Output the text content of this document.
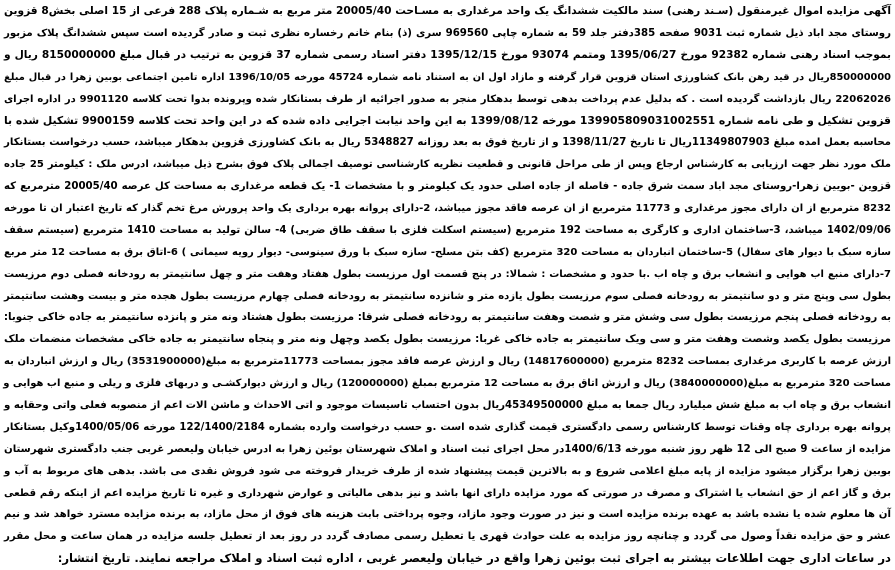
آگهی مزایده اموال غیرمنقول (سـند رهنی) سند مالکیت ششدانگ یک واحد مرغداری به مسـاحت 20005/40 متر مربع به شـماره پلاک 288 فرعی از 15 اصلی بخش8 قزوین
روستای مجد اباد ذیل شماره ثبت 9031 صفحه 385دفتر جلد 59 به شماره چاپی 969560 سری (ذ) بنام خانم رخساره نظری ثبت و صادر گردیده است سپس ششدانگ پلاک مزبور
بموجب اسناد رهنی شماره 92382 مورخ 1395/06/27 ومتمم 93074 مورخ 1395/12/15 دفتر اسناد رسمی شماره 37 قزوین به ترتیب در قبال مبلغ 8150000000 ریال و
850000000ریال در قید رهن بانک کشاورزی استان قزوین قرار گرفته و مازاد اول ان به استناد نامه شماره 45724 مورخه 1396/10/05 اداره تامین اجتماعی بوبین زهرا در قبال مبلغ
22062026 ریال بازداشت گردیده است . که بدلیل عدم پرداخت بدهی توسط بدهکار منجر به صدور اجرائیه از طرف بستانکار شده وپرونده بدوا تحت کلاسه 9901120 در اداره اجرای
قزوین تشکیل و طی نامه شماره 139905809031002551 مورخه 1399/08/12 به این واحد نیابت اجرایی داده شده که در این واحد تحت کلاسه 9900159 تشکیل شده با
محاسبه بعمل امده مبلغ 11349807903ریال تا تاریخ 1398/11/27 و از تاریخ فوق به بعد روزانه 5348827 ریال به بانک کشاورزی قزوین بدهکار میباشد، حسب درخواست بستانکار
ملک مورد نظر جهت ارزیابی به کارشناس ارجاع وپس از طی مراحل قانونی و قطعیت نظریه کارشناسی توصیف اجمالی پلاک فوق بشرح ذیل میباشد، ادرس ملک : کیلومتر 25 جاده
قزوین -بویین زهرا-روستای مجد اباد سمت شرق جاده - فاصله از جاده اصلی حدود یک کیلومتر و با مشخصات 1- یک قطعه مرغداری به مساحت کل عرصه 20005/40 مترمربع که
8232 مترمربع از ان دارای مجوز مرغداری و 11773 مترمربع از ان عرصه فاقد مجوز میباشد، 2-دارای پروانه بهره برداری یک واحد پرورش مرغ تخم گذار که تاریخ اعتبار ان تا مورخه
1402/09/06 میباشد، 3-ساختمان اداری و کارگری به مساحت 192 مترمربع (سیستم اسکلت فلزی با سقف طاق ضربی) 4- سالن تولید به مساحت 1410 مترمربع (سیستم سقف
سازه سبک با دیوار های سفال) 5-ساختمان انباردان به مساحت 320 مترمربع (کف بتن مسلح- سازه سبک با ورق سینوسی- دیوار رویه سیمانی ) 6-اتاق برق به مساحت 12 متر مربع
7-دارای منبع اب هوایی و انشعاب برق و چاه اب .با حدود و مشخصات : شمالا: در پنج قسمت اول مرزیست بطول هفتاد وهفت متر و چهل سانتیمتر به رودخانه فصلی دوم مرزیست
بطول سی وپنج متر و دو سانتیمتر به رودخانه فصلی سوم مرزیست بطول یازده متر و شانزده سانتیمتر به رودخانه فصلی چهارم مرزیست بطول هجده متر و بیست وهشت سانتیمتر
به رودخانه فصلی پنجم مرزیست بطول سی وشش متر و شصت وهفت سانتیمتر به رودخانه فصلی شرقا: مرزیست بطول هشتاد ونه متر و پانزده سانتیمتر به جاده خاکی جنوبا:
مرزیست بطول یکصد وشصت وهفت متر و سی ویک سانتیمتر به جاده خاکی غربا: مرزیست بطول یکصد وچهل ونه متر و پنجاه سانتیمتر به جاده خاکی مشخصات منضمات ملک
ارزش عرصه با کاربری مرغداری بمساحت 8232 مترمربع (14817600000) ریال و ارزش عرصه فاقد مجوز بمساحت 11773مترمربع به مبلغ(3531900000) ریال و ارزش انباردان به
مساحت 320 مترمربع به مبلغ(3840000000) ریال و ارزش اتاق برق به مساحت 12 مترمربع بمبلغ (120000000) ریال و ارزش دیوارکشـی و دربهای فلزی و ریلی و منبع اب هوایی و
انشعاب برق و چاه اب به مبلغ شش میلیارد ریال جمعا به مبلغ 45349500000ریال بدون احتساب تاسیسات موجود و اتی الاحداث و ماشن الات اعم از منصوبه فعلی واتی وحقابه و
پروانه بهره برداری چاه وقنات توسط کارشناس رسمی دادگستری قیمت گذاری شده است .و حسب درخواست وارده بشماره 122/1400/2184 مورخه 1400/05/06وکیل بستانکار
مزایده از ساعت 9 صبح الی 12 ظهر روز شنبه مورخه 1400/6/13در محل اجرای ثبت اسناد و املاک شهرستان بوئین زهرا به ادرس خیابان ولیعصر غربی جنب دادگستری شهرستان
بوبین زهرا برگزار میشود مزایده از پایه مبلغ اعلامی شروع و به بالاترین قیمت پیشنهاد شده از طرف خریدار فروخته می شود فروش نقدی می باشد. بدهی های مربوط به آب و
برق و گاز اعم از حق انشعاب یا اشتراک و مصرف در صورتی که مورد مزایده دارای انها باشد و نیز بدهی مالیاتی و عوارض شهرداری و غیره تا تاریخ مزایده اعم از اینکه رقم قطعی
آن ها معلوم شده یا نشده باشد به عهده برنده مزایده است و نیز در صورت وجود مازاد، وجوه پرداختی بابت هزینه های فوق از محل مازاد، به برنده مزایده مسترد خواهد شد و نیم
عشر و حق مزایده نقداً وصول می گردد و چنانچه روز مزایده به علت حوادث قهری یا تعطیل رسمی مصادف گردد در روز بعد از تعطیل جلسه مزایده در همان ساعت و محل مقرر
در ساعات اداری جهت اطلاعات بیشتر به اجرای ثبت بوئین زهرا واقع در خیابان ولیعصر غربی ، اداره ثبت اسناد و املاک مراجعه نمایند. تاریخ انتشار:
